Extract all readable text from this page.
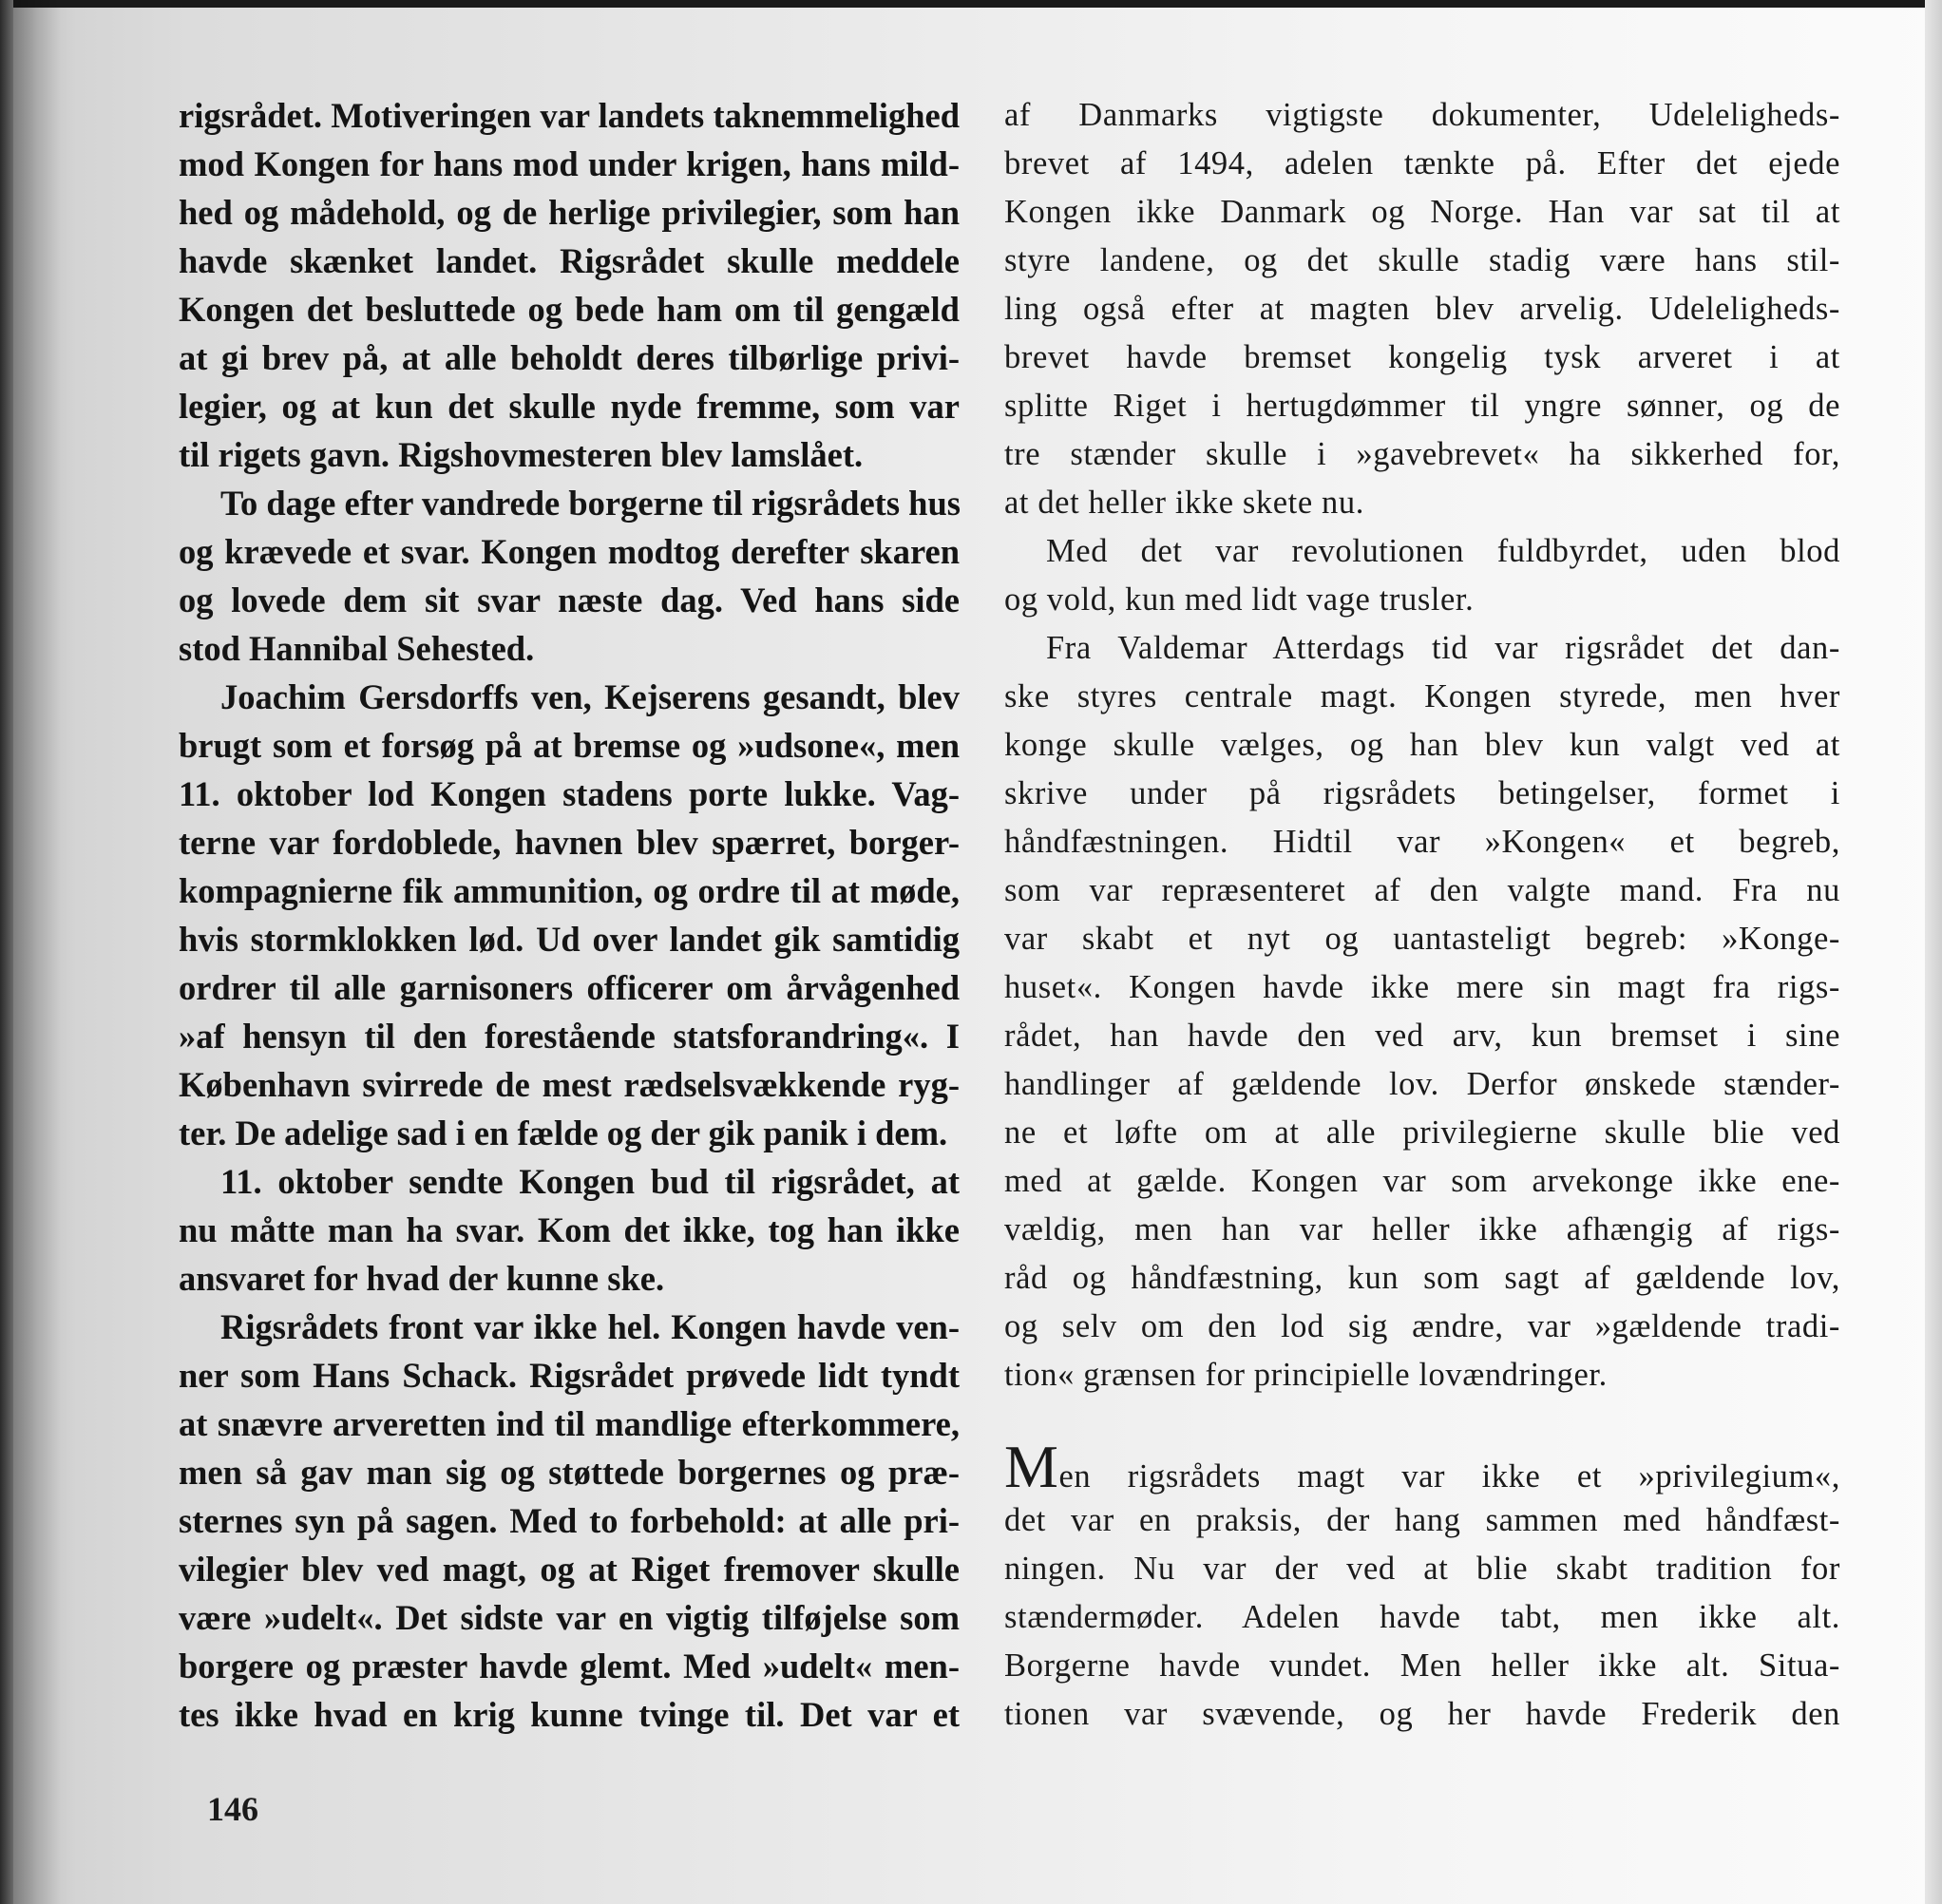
rigsrådet. Motiveringen var landets taknemmelighed
mod Kongen for hans mod under krigen, hans mild-
hed og mådehold, og de herlige privilegier, som han
havde skænket landet. Rigsrådet skulle meddele
Kongen det besluttede og bede ham om til gengæld
at gi brev på, at alle beholdt deres tilbørlige privi-
legier, og at kun det skulle nyde fremme, som var
til rigets gavn. Rigshovmesteren blev lamslået.
To dage efter vandrede borgerne til rigsrådets hus
og krævede et svar. Kongen modtog derefter skaren
og lovede dem sit svar næste dag. Ved hans side
stod Hannibal Sehested.
Joachim Gersdorffs ven, Kejserens gesandt, blev
brugt som et forsøg på at bremse og »udsone«, men
11. oktober lod Kongen stadens porte lukke. Vag-
terne var fordoblede, havnen blev spærret, borger-
kompagnierne fik ammunition, og ordre til at møde,
hvis stormklokken lød. Ud over landet gik samtidig
ordrer til alle garnisoners officerer om årvågenhed
»af hensyn til den forestående statsforandring«. I
København svirrede de mest rædselsvækkende ryg-
ter. De adelige sad i en fælde og der gik panik i dem.
11. oktober sendte Kongen bud til rigsrådet, at
nu måtte man ha svar. Kom det ikke, tog han ikke
ansvaret for hvad der kunne ske.
Rigsrådets front var ikke hel. Kongen havde ven-
ner som Hans Schack. Rigsrådet prøvede lidt tyndt
at snævre arveretten ind til mandlige efterkommere,
men så gav man sig og støttede borgernes og præ-
sternes syn på sagen. Med to forbehold: at alle pri-
vilegier blev ved magt, og at Riget fremover skulle
være »udelt«. Det sidste var en vigtig tilføjelse som
borgere og præster havde glemt. Med »udelt« men-
tes ikke hvad en krig kunne tvinge til. Det var et
af Danmarks vigtigste dokumenter, Udeleligheds-
brevet af 1494, adelen tænkte på. Efter det ejede
Kongen ikke Danmark og Norge. Han var sat til at
styre landene, og det skulle stadig være hans stil-
ling også efter at magten blev arvelig. Udeleligheds-
brevet havde bremset kongelig tysk arveret i at
splitte Riget i hertugdømmer til yngre sønner, og de
tre stænder skulle i »gavebrevet« ha sikkerhed for,
at det heller ikke skete nu.
Med det var revolutionen fuldbyrdet, uden blod
og vold, kun med lidt vage trusler.
Fra Valdemar Atterdags tid var rigsrådet det dan-
ske styres centrale magt. Kongen styrede, men hver
konge skulle vælges, og han blev kun valgt ved at
skrive under på rigsrådets betingelser, formet i
håndfæstningen. Hidtil var »Kongen« et begreb,
som var repræsenteret af den valgte mand. Fra nu
var skabt et nyt og uantasteligt begreb: »Konge-
huset«. Kongen havde ikke mere sin magt fra rigs-
rådet, han havde den ved arv, kun bremset i sine
handlinger af gældende lov. Derfor ønskede stænder-
ne et løfte om at alle privilegierne skulle blie ved
med at gælde. Kongen var som arvekonge ikke ene-
vældig, men han var heller ikke afhængig af rigs-
råd og håndfæstning, kun som sagt af gældende lov,
og selv om den lod sig ændre, var »gældende tradi-
tion« grænsen for principielle lovændringer.
Men rigsrådets magt var ikke et »privilegium«,
det var en praksis, der hang sammen med håndfæst-
ningen. Nu var der ved at blie skabt tradition for
stændermøder. Adelen havde tabt, men ikke alt.
Borgerne havde vundet. Men heller ikke alt. Situa-
tionen var svævende, og her havde Frederik den
146
